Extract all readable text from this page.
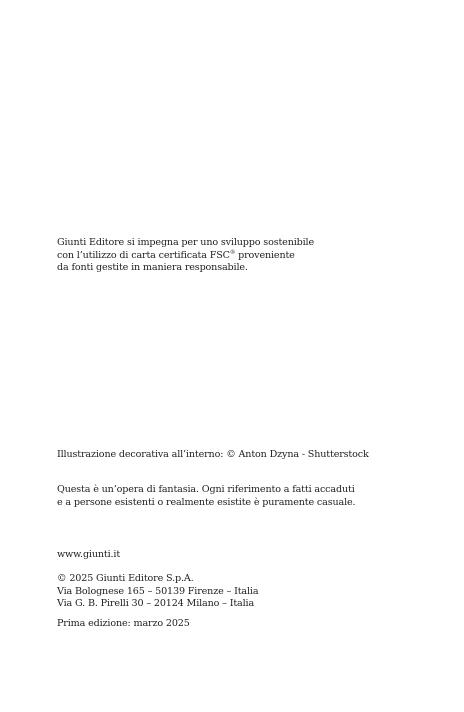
Giunti Editore si impegna per uno sviluppo sostenibile
con l’utilizzo di carta certificata FSC® proveniente
da fonti gestite in maniera responsabile.

Illustrazione decorativa all’interno: © Anton Dzyna - Shutterstock

Questa è un’opera di fantasia. Ogni riferimento a fatti accaduti
e a persone esistenti o realmente esistite è puramente casuale.

www.giunti.it

© 2025 Giunti Editore S.p.A.
Via Bolognese 165 – 50139 Firenze – Italia
Via G. B. Pirelli 30 – 20124 Milano – Italia

Prima edizione: marzo 2025
